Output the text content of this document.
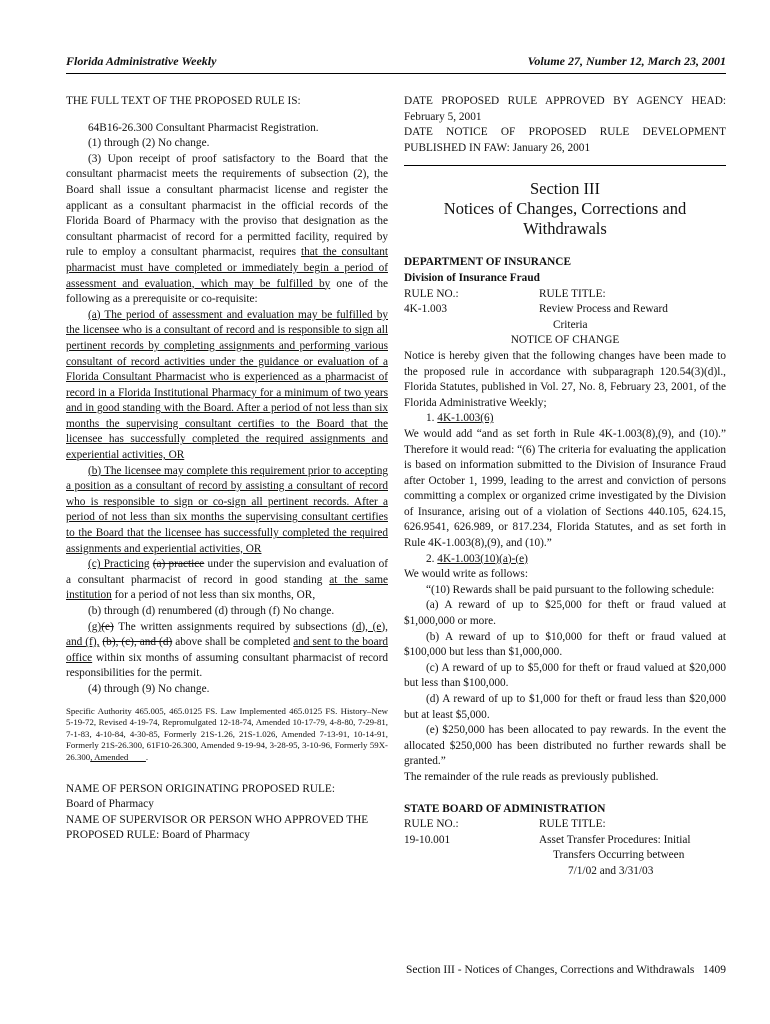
Florida Administrative Weekly	Volume 27, Number 12, March 23, 2001

THE FULL TEXT OF THE PROPOSED RULE IS:

64B16-26.300 Consultant Pharmacist Registration.

(1) through (2) No change.

(3) Upon receipt of proof satisfactory to the Board that the consultant pharmacist meets the requirements of subsection (2), the Board shall issue a consultant pharmacist license and register the applicant as a consultant pharmacist in the official records of the Florida Board of Pharmacy with the proviso that designation as the consultant pharmacist of record for a permitted facility, required by rule to employ a consultant pharmacist, requires that the consultant pharmacist must have completed or immediately begin a period of assessment and evaluation, which may be fulfilled by one of the following as a prerequisite or co-requisite:

(a) The period of assessment and evaluation may be fulfilled by the licensee who is a consultant of record and is responsible to sign all pertinent records by completing assignments and performing various consultant of record activities under the guidance or evaluation of a Florida Consultant Pharmacist who is experienced as a pharmacist of record in a Florida Institutional Pharmacy for a minimum of two years and in good standing with the Board. After a period of not less than six months the supervising consultant certifies to the Board that the licensee has successfully completed the required assignments and experiential activities, OR

(b) The licensee may complete this requirement prior to accepting a position as a consultant of record by assisting a consultant of record who is responsible to sign or co-sign all pertinent records. After a period of not less than six months the supervising consultant certifies to the Board that the licensee has successfully completed the required assignments and experiential activities, OR

(c) Practicing (a) practice under the supervision and evaluation of a consultant pharmacist of record in good standing at the same institution for a period of not less than six months, OR,

(b) through (d) renumbered (d) through (f) No change.

(g)(e) The written assignments required by subsections (d), (e), and (f), (b), (c), and (d) above shall be completed and sent to the board office within six months of assuming consultant pharmacist of record responsibilities for the permit.

(4) through (9) No change.

Specific Authority 465.005, 465.0125 FS. Law Implemented 465.0125 FS. History–New 5-19-72, Revised 4-19-74, Repromulgated 12-18-74, Amended 10-17-79, 4-8-80, 7-29-81, 7-1-83, 4-10-84, 4-30-85, Formerly 21S-1.26, 21S-1.026, Amended 7-13-91, 10-14-91, Formerly 21S-26.300, 61F10-26.300, Amended 9-19-94, 3-28-95, 3-10-96, Formerly 59X-26.300, Amended        .

NAME OF PERSON ORIGINATING PROPOSED RULE:

Board of Pharmacy

NAME OF SUPERVISOR OR PERSON WHO APPROVED THE PROPOSED RULE: Board of Pharmacy

DATE PROPOSED RULE APPROVED BY AGENCY HEAD: February 5, 2001

DATE NOTICE OF PROPOSED RULE DEVELOPMENT PUBLISHED IN FAW: January 26, 2001

Section III
Notices of Changes, Corrections and
Withdrawals

DEPARTMENT OF INSURANCE

Division of Insurance Fraud

RULE NO.:	RULE TITLE:
4K-1.003	Review Process and Reward

Criteria

NOTICE OF CHANGE

Notice is hereby given that the following changes have been made to the proposed rule in accordance with subparagraph 120.54(3)(d)l., Florida Statutes, published in Vol. 27, No. 8, February 23, 2001, of the Florida Administrative Weekly;

1. 4K-1.003(6)

We would add “and as set forth in Rule 4K-1.003(8),(9), and (10).” Therefore it would read: “(6) The criteria for evaluating the application is based on information submitted to the Division of Insurance Fraud after October 1, 1999, leading to the arrest and conviction of persons committing a complex or organized crime investigated by the Division of Insurance, arising out of a violation of Sections 440.105, 624.15, 626.9541, 626.989, or 817.234, Florida Statutes, and as set forth in Rule 4K-1.003(8),(9), and (10).”

2. 4K-1.003(10)(a)-(e)

We would write as follows:

“(10) Rewards shall be paid pursuant to the following schedule:

(a) A reward of up to $25,000 for theft or fraud valued at $1,000,000 or more.

(b) A reward of up to $10,000 for theft or fraud valued at $100,000 but less than $1,000,000.

(c) A reward of up to $5,000 for theft or fraud valued at $20,000 but less than $100,000.

(d) A reward of up to $1,000 for theft or fraud less than $20,000 but at least $5,000.

(e) $250,000 has been allocated to pay rewards. In the event the allocated $250,000 has been distributed no further rewards shall be granted.”

The remainder of the rule reads as previously published.

STATE BOARD OF ADMINISTRATION

RULE NO.:	RULE TITLE:
19-10.001	Asset Transfer Procedures: Initial

Transfers Occurring between

7/1/02 and 3/31/03

Section III - Notices of Changes, Corrections and Withdrawals   1409
